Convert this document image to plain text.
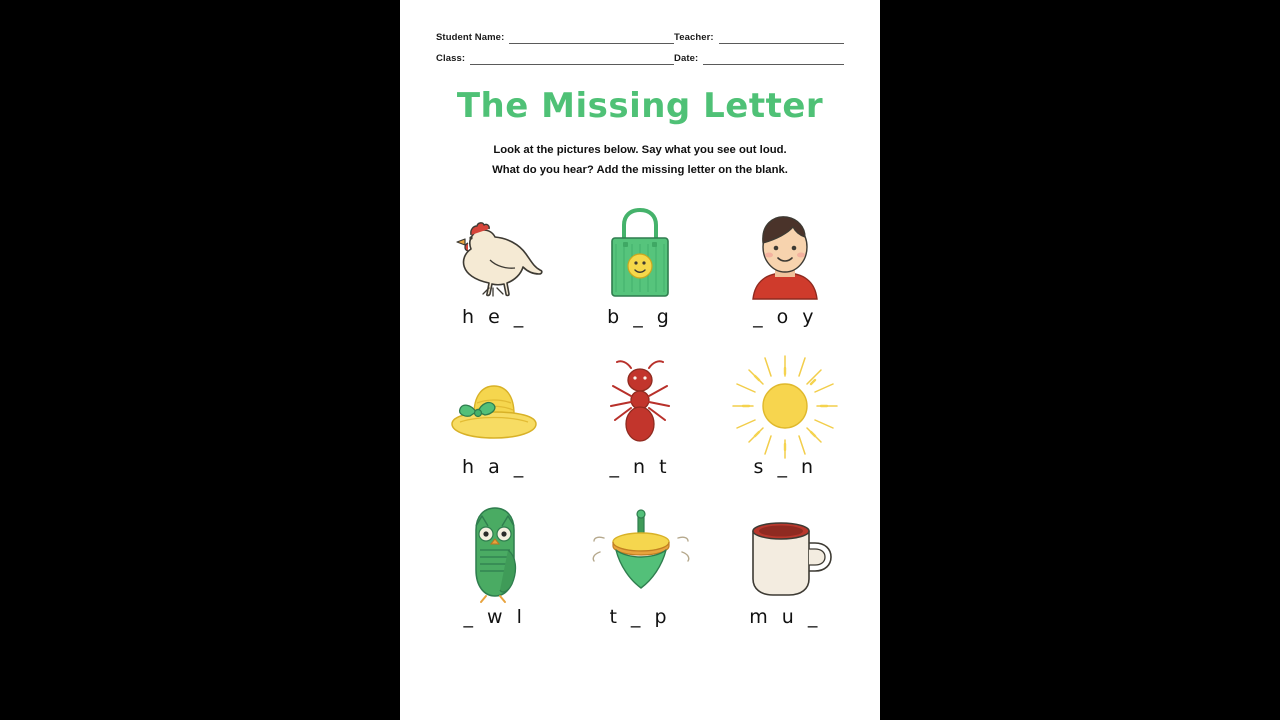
Student Name:	Teacher:
Class:	Date:
The Missing Letter
Look at the pictures below. Say what you see out loud.
What do you hear? Add the missing letter on the blank.
h e _	b _ g	_ o y
h a _	_ n t	s _ n
_ w l	t _ p	m u _
